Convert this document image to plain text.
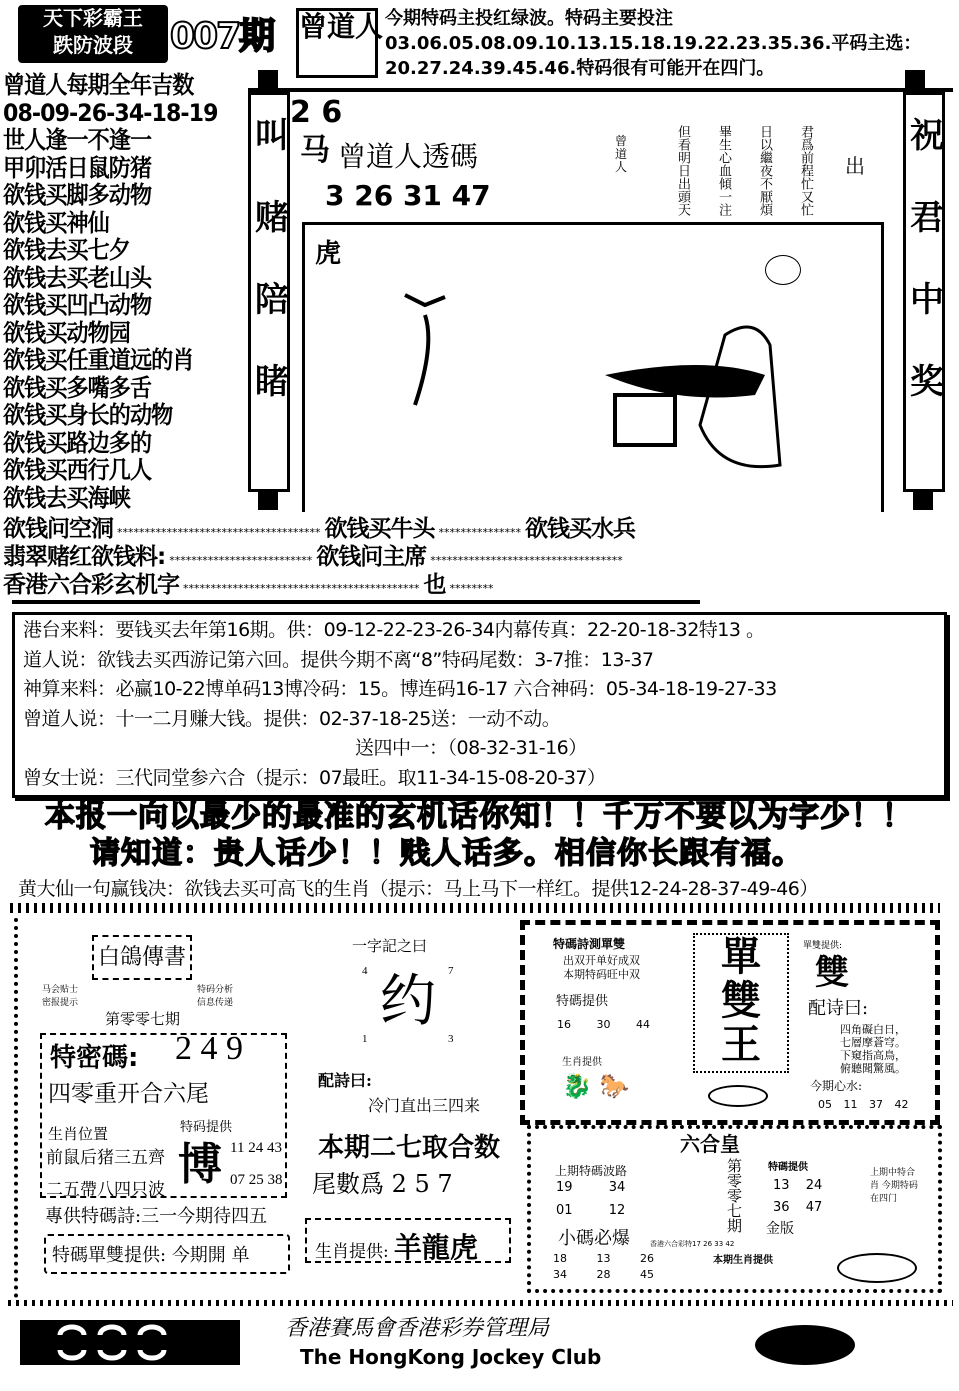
天下彩霸王
跌防波段	007期 曾道人 今期特码主投红绿波。特码主要投注03.06.05.08.09.10.13.15.18.19.22.23.35.36.平码主选：20.27.24.39.45.46.特码很有可能开在四门。
叫
赌
陪
睹
祝
君
中
奖
2 6
马 曾道人透碼
3 26 31 47
曾道人	君爲前程忙又忙
日以繼夜不厭煩
畢生心血傾一注
但看明日出頭天	出
虎
港台来料：要钱买去年第16期。供：09-12-22-23-26-34内幕传真：22-20-18-32特13 。
道人说：欲钱去买西游记第六回。提供今期不离“8”特码尾数：3-7推：13-37
神算来料：必赢10-22博单码13博冷码：15。博连码16-17 六合神码：05-34-18-19-27-33
曾道人说：十一二月赚大钱。提供：02-37-18-25送：一动不动。
送四中一：（08-32-31-16）
曾女士说：三代同堂参六合（提示：07最旺。取11-34-15-08-20-37）
本报一向以最少的最准的玄机话你知！！千万不要以为字少！！
请知道：贵人话少！！贱人话多。相信你长跟有福。
黄大仙一句赢钱决：欲钱去买可高飞的生肖（提示：马上马下一样红。提供12-24-28-37-49-46）
白鴿傳書
马会贴士 密报提示
特码分析 信息传递
第零零七期
特密碼: 2 4 9
四零重开合六尾
生肖位置
前鼠后猪三五齊
二五帶八四只波
特码提供
博 11 24 43
07 25 38
專供特碼詩:三一今期待四五
特碼單雙提供: 今期開 单
一字記之曰
4	7
1	3
约
配詩曰:
冷门直出三四来
本期二七取合数
尾數爲 2 5 7
生肖提供: 羊龍虎
特碼詩測單雙
出双开单好成双
本期特码旺中双
特碼提供
16 30 44
生肖提供
🐉 🐎
單
雙
王
單雙提供:
雙
配诗曰:
四角礙白日，
七層摩蒼穹。
下窺指高鳥，
俯聽聞驚風。
今期心水:
05 11 37 42
六合皇
上期特碼波路
19	34
01	12
第零零七期 金版
特碼提供
13 24
36 47
上期中特合肖 今期特码在四门
小碼必爆	香港六合彩特17 26 33 42
18	13	26
34	28	45
本期生肖提供
香港賽馬會香港彩券管理局
The HongKong Jockey Club
曾道人每期全年吉数
08-09-26-34-18-19
世人逢一不逢一
甲卯活日鼠防猪
欲钱买脚多动物
欲钱买神仙
欲钱去买七夕
欲钱去买老山头
欲钱买凹凸动物
欲钱买动物园
欲钱买任重道远的肖
欲钱买多嘴多舌
欲钱买身长的动物
欲钱买路边多的
欲钱买西行几人
欲钱去买海峡
欲钱问空洞 ************************************* 欲钱买牛头 *************** 欲钱买水兵
翡翠赌红欲钱料: ************************** 欲钱问主席 ***********************************
香港六合彩玄机字 ******************************************* 也 ********
